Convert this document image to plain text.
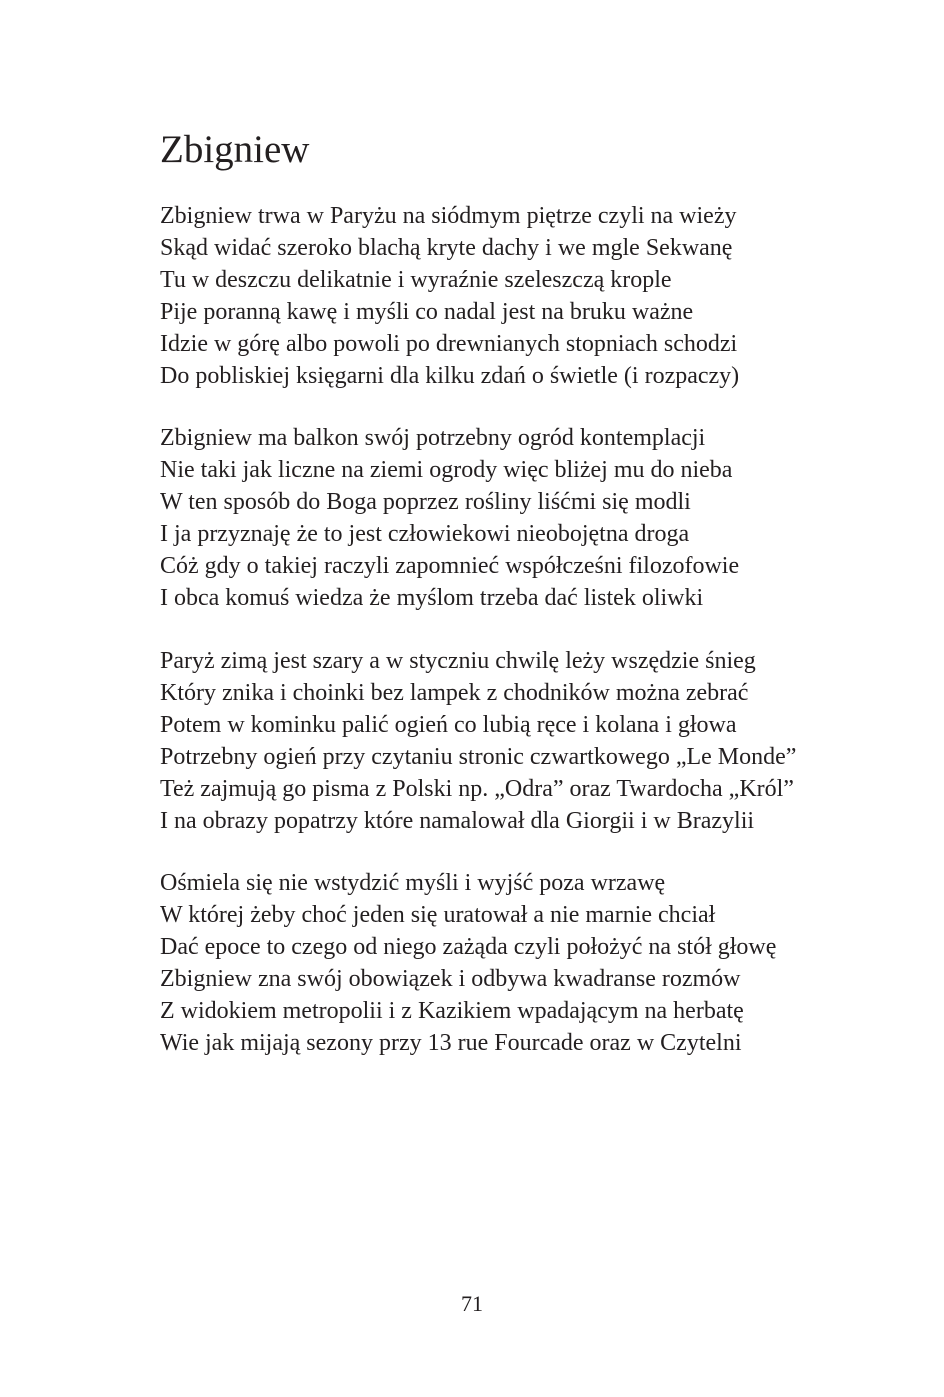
Zbigniew
Zbigniew trwa w Paryżu na siódmym piętrze czyli na wieży
Skąd widać szeroko blachą kryte dachy i we mgle Sekwanę
Tu w deszczu delikatnie i wyraźnie szeleszczą krople
Pije poranną kawę i myśli co nadal jest na bruku ważne
Idzie w górę albo powoli po drewnianych stopniach schodzi
Do pobliskiej księgarni dla kilku zdań o świetle (i rozpaczy)
Zbigniew ma balkon swój potrzebny ogród kontemplacji
Nie taki jak liczne na ziemi ogrody więc bliżej mu do nieba
W ten sposób do Boga poprzez rośliny liśćmi się modli
I ja przyznaję że to jest człowiekowi nieobojętna droga
Cóż gdy o takiej raczyli zapomnieć współcześni filozofowie
I obca komuś wiedza że myślom trzeba dać listek oliwki
Paryż zimą jest szary a w styczniu chwilę leży wszędzie śnieg
Który znika i choinki bez lampek z chodników można zebrać
Potem w kominku palić ogień co lubią ręce i kolana i głowa
Potrzebny ogień przy czytaniu stronic czwartkowego „Le Monde”
Też zajmują go pisma z Polski np. „Odra” oraz Twardocha „Król”
I na obrazy popatrzy które namalował dla Giorgii i w Brazylii
Ośmiela się nie wstydzić myśli i wyjść poza wrzawę
W której żeby choć jeden się uratował a nie marnie chciał
Dać epoce to czego od niego zażąda czyli położyć na stół głowę
Zbigniew zna swój obowiązek i odbywa kwadranse rozmów
Z widokiem metropolii i z Kazikiem wpadającym na herbatę
Wie jak mijają sezony przy 13 rue Fourcade oraz w Czytelni

71
